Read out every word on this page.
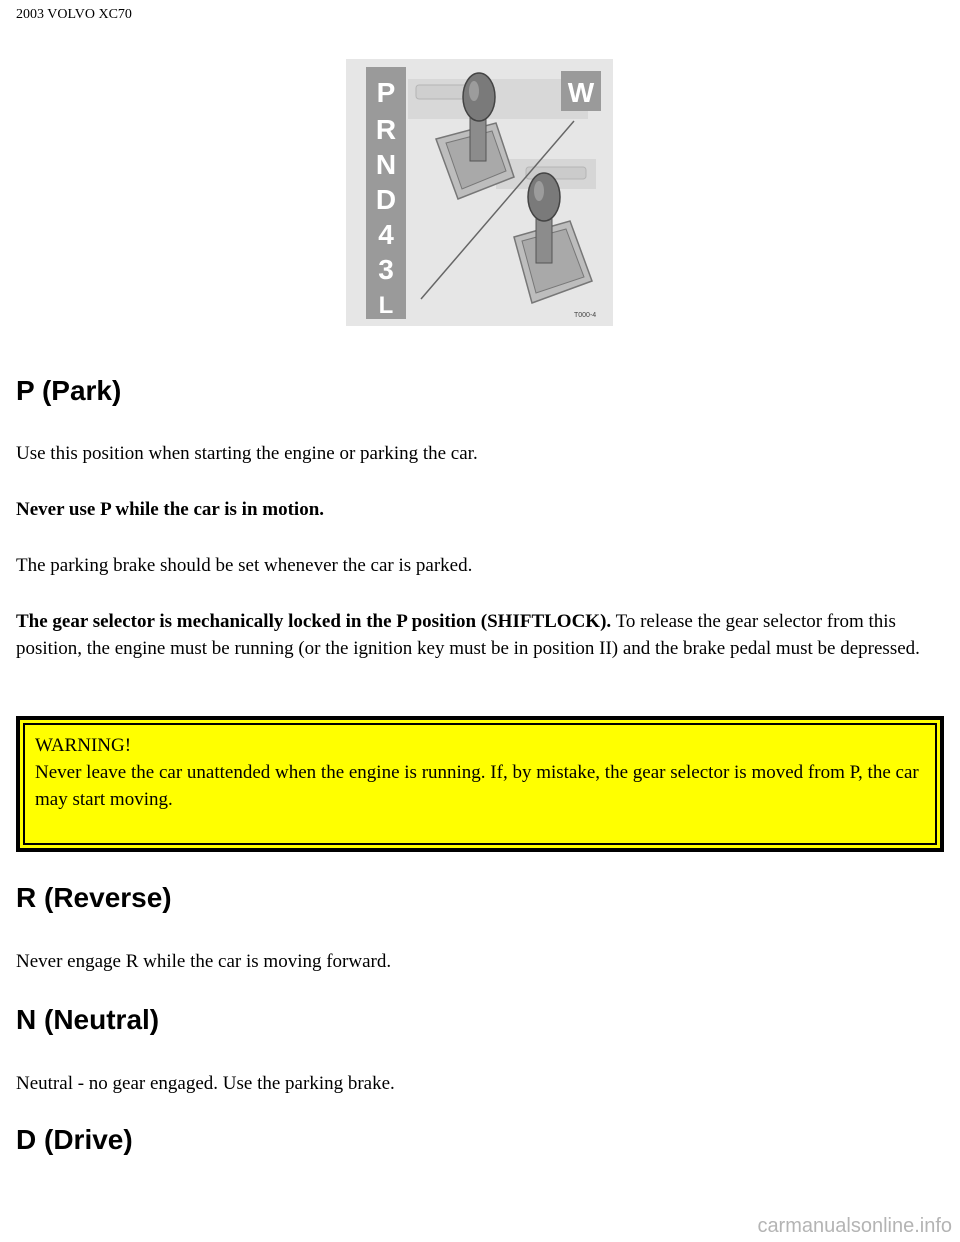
2003 VOLVO XC70
P
R
N
D
4
3
L
W
T000-4
P (Park)

Use this position when starting the engine or parking the car.

Never use P while the car is in motion.

The parking brake should be set whenever the car is parked.

The gear selector is mechanically locked in the P position (SHIFTLOCK). To release the gear selector from this position, the engine must be running (or the ignition key must be in position II) and the brake pedal must be depressed.

WARNING!
Never leave the car unattended when the engine is running. If, by mistake, the gear selector is moved from P, the car may start moving.
R (Reverse)

Never engage R while the car is moving forward.

N (Neutral)

Neutral - no gear engaged. Use the parking brake.

D (Drive)
carmanualsonline.info
